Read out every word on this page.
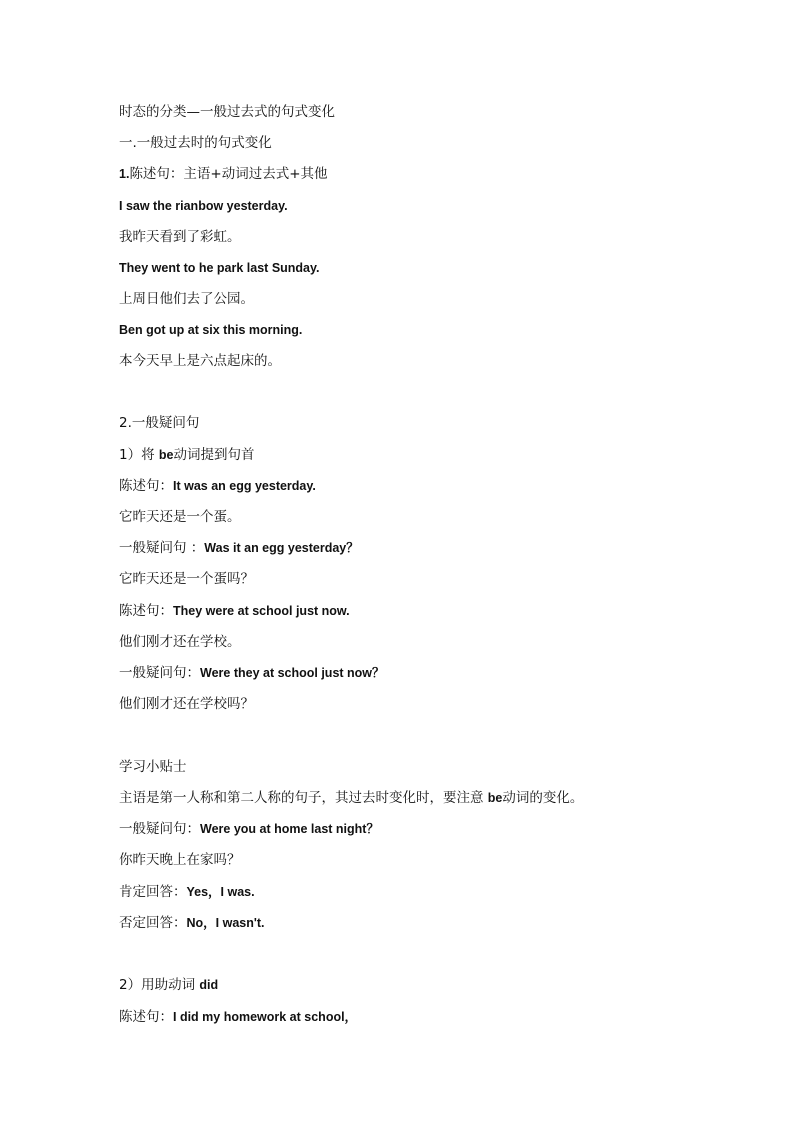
时态的分类—一般过去式的句式变化
一.一般过去时的句式变化
1.陈述句：主语+动词过去式+其他
I saw the rianbow yesterday.
我昨天看到了彩虹。
They went to he park last Sunday.
上周日他们去了公园。
Ben got up at six this morning.
本今天早上是六点起床的。
2.一般疑问句
1）将 be动词提到句首
陈述句：It was an egg yesterday.
它昨天还是一个蛋。
一般疑问句 ：Was it an egg yesterday？
它昨天还是一个蛋吗？
陈述句：They were at school just now.
他们刚才还在学校。
一般疑问句：Were they at school just now？
他们刚才还在学校吗？
学习小贴士
主语是第一人称和第二人称的句子，其过去时变化时，要注意 be动词的变化。
一般疑问句：Were you at home last night？
你昨天晚上在家吗？
肯定回答：Yes，I was.
否定回答：No，I wasn't.
2）用助动词 did
陈述句：I did my homework at school，
